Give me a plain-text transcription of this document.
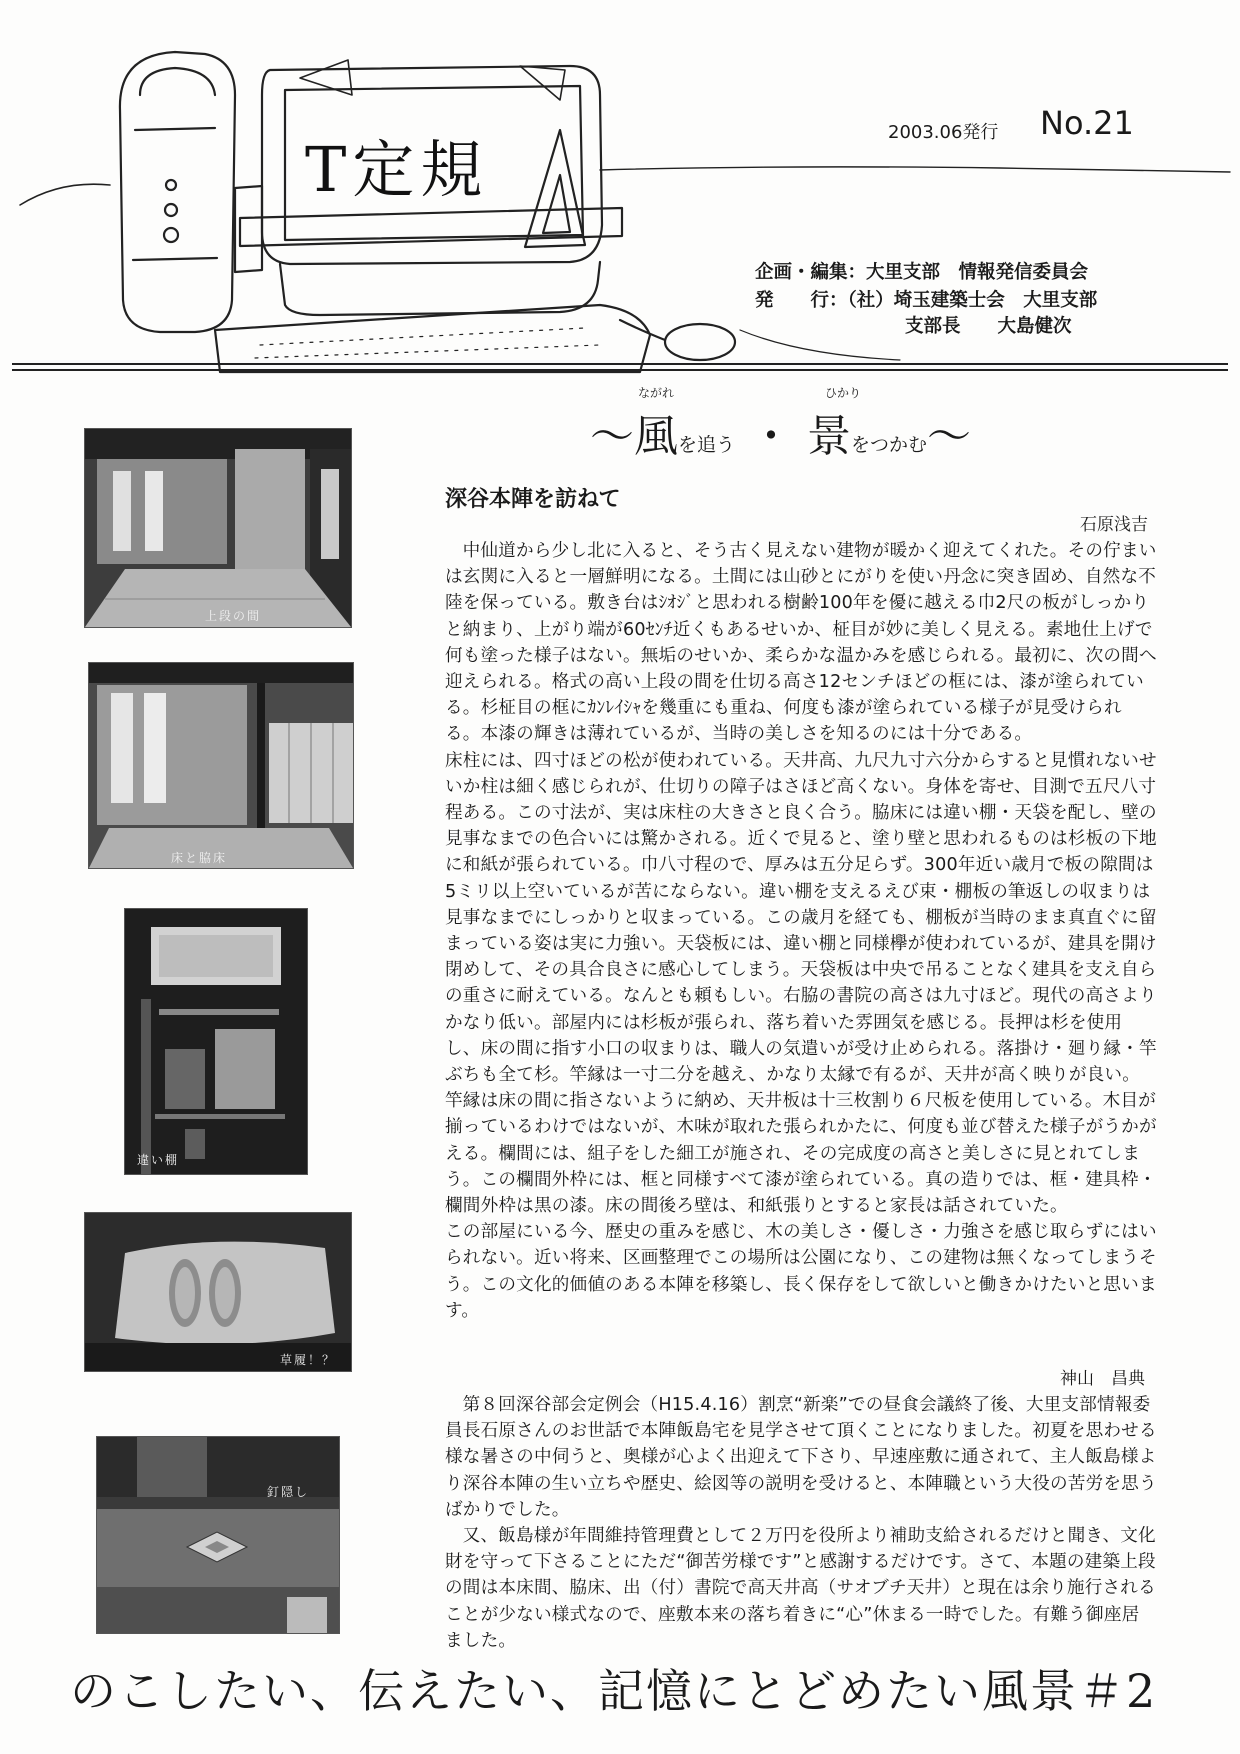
T定規
2003.06発行 No.21
企画・編集：大里支部　情報発信委員会
発　　行：（社）埼玉建築士会　大里支部
支部長　　大島健次
上段の間
床と脇床
違い棚
草履！？
釘隠し
ながれ	ひかり
〜風を追う ・ 景をつかむ〜
深谷本陣を訪ねて
石原浅吉

中仙道から少し北に入ると、そう古く見えない建物が暖かく迎えてくれた。その佇まいは玄関に入ると一層鮮明になる。土間には山砂とにがりを使い丹念に突き固め、自然な不陸を保っている。敷き台はｼｵｼﾞと思われる樹齢100年を優に越える巾2尺の板がしっかりと納まり、上がり端が60ｾﾝﾁ近くもあるせいか、柾目が妙に美しく見える。素地仕上げで何も塗った様子はない。無垢のせいか、柔らかな温かみを感じられる。最初に、次の間へ迎えられる。格式の高い上段の間を仕切る高さ12センチほどの框には、漆が塗られている。杉柾目の框にｶﾝﾚｲｼｬを幾重にも重ね、何度も漆が塗られている様子が見受けられる。本漆の輝きは薄れているが、当時の美しさを知るのには十分である。

床柱には、四寸ほどの松が使われている。天井高、九尺九寸六分からすると見慣れないせいか柱は細く感じられが、仕切りの障子はさほど高くない。身体を寄せ、目測で五尺八寸程ある。この寸法が、実は床柱の大きさと良く合う。脇床には違い棚・天袋を配し、壁の見事なまでの色合いには驚かされる。近くで見ると、塗り壁と思われるものは杉板の下地に和紙が張られている。巾八寸程ので、厚みは五分足らず。300年近い歳月で板の隙間は5ミリ以上空いているが苦にならない。違い棚を支えるえび束・棚板の筆返しの収まりは見事なまでにしっかりと収まっている。この歳月を経ても、棚板が当時のまま真直ぐに留まっている姿は実に力強い。天袋板には、違い棚と同様欅が使われているが、建具を開け閉めして、その具合良さに感心してしまう。天袋板は中央で吊ることなく建具を支え自らの重さに耐えている。なんとも頼もしい。右脇の書院の高さは九寸ほど。現代の高さよりかなり低い。部屋内には杉板が張られ、落ち着いた雰囲気を感じる。長押は杉を使用し、床の間に指す小口の収まりは、職人の気遣いが受け止められる。落掛け・廻り縁・竿ぶちも全て杉。竿縁は一寸二分を越え、かなり太縁で有るが、天井が高く映りが良い。竿縁は床の間に指さないように納め、天井板は十三枚割り６尺板を使用している。木目が揃っているわけではないが、木味が取れた張られかたに、何度も並び替えた様子がうかがえる。欄間には、組子をした細工が施され、その完成度の高さと美しさに見とれてしまう。この欄間外枠には、框と同様すべて漆が塗られている。真の造りでは、框・建具枠・欄間外枠は黒の漆。床の間後ろ壁は、和紙張りとすると家長は話されていた。

この部屋にいる今、歴史の重みを感じ、木の美しさ・優しさ・力強さを感じ取らずにはいられない。近い将来、区画整理でこの場所は公園になり、この建物は無くなってしまうそう。この文化的価値のある本陣を移築し、長く保存をして欲しいと働きかけたいと思います。

神山　昌典

第８回深谷部会定例会（H15.4.16）割烹“新楽”での昼食会議終了後、大里支部情報委員長石原さんのお世話で本陣飯島宅を見学させて頂くことになりました。初夏を思わせる様な暑さの中伺うと、奥様が心よく出迎えて下さり、早速座敷に通されて、主人飯島様より深谷本陣の生い立ちや歴史、絵図等の説明を受けると、本陣職という大役の苦労を思うばかりでした。

又、飯島様が年間維持管理費として２万円を役所より補助支給されるだけと聞き、文化財を守って下さることにただ“御苦労様です”と感謝するだけです。さて、本題の建築上段の間は本床間、脇床、出（付）書院で高天井高（サオブチ天井）と現在は余り施行されることが少ない様式なので、座敷本来の落ち着きに“心”休まる一時でした。有難う御座居ました。

のこしたい、伝えたい、記憶にとどめたい風景＃2
